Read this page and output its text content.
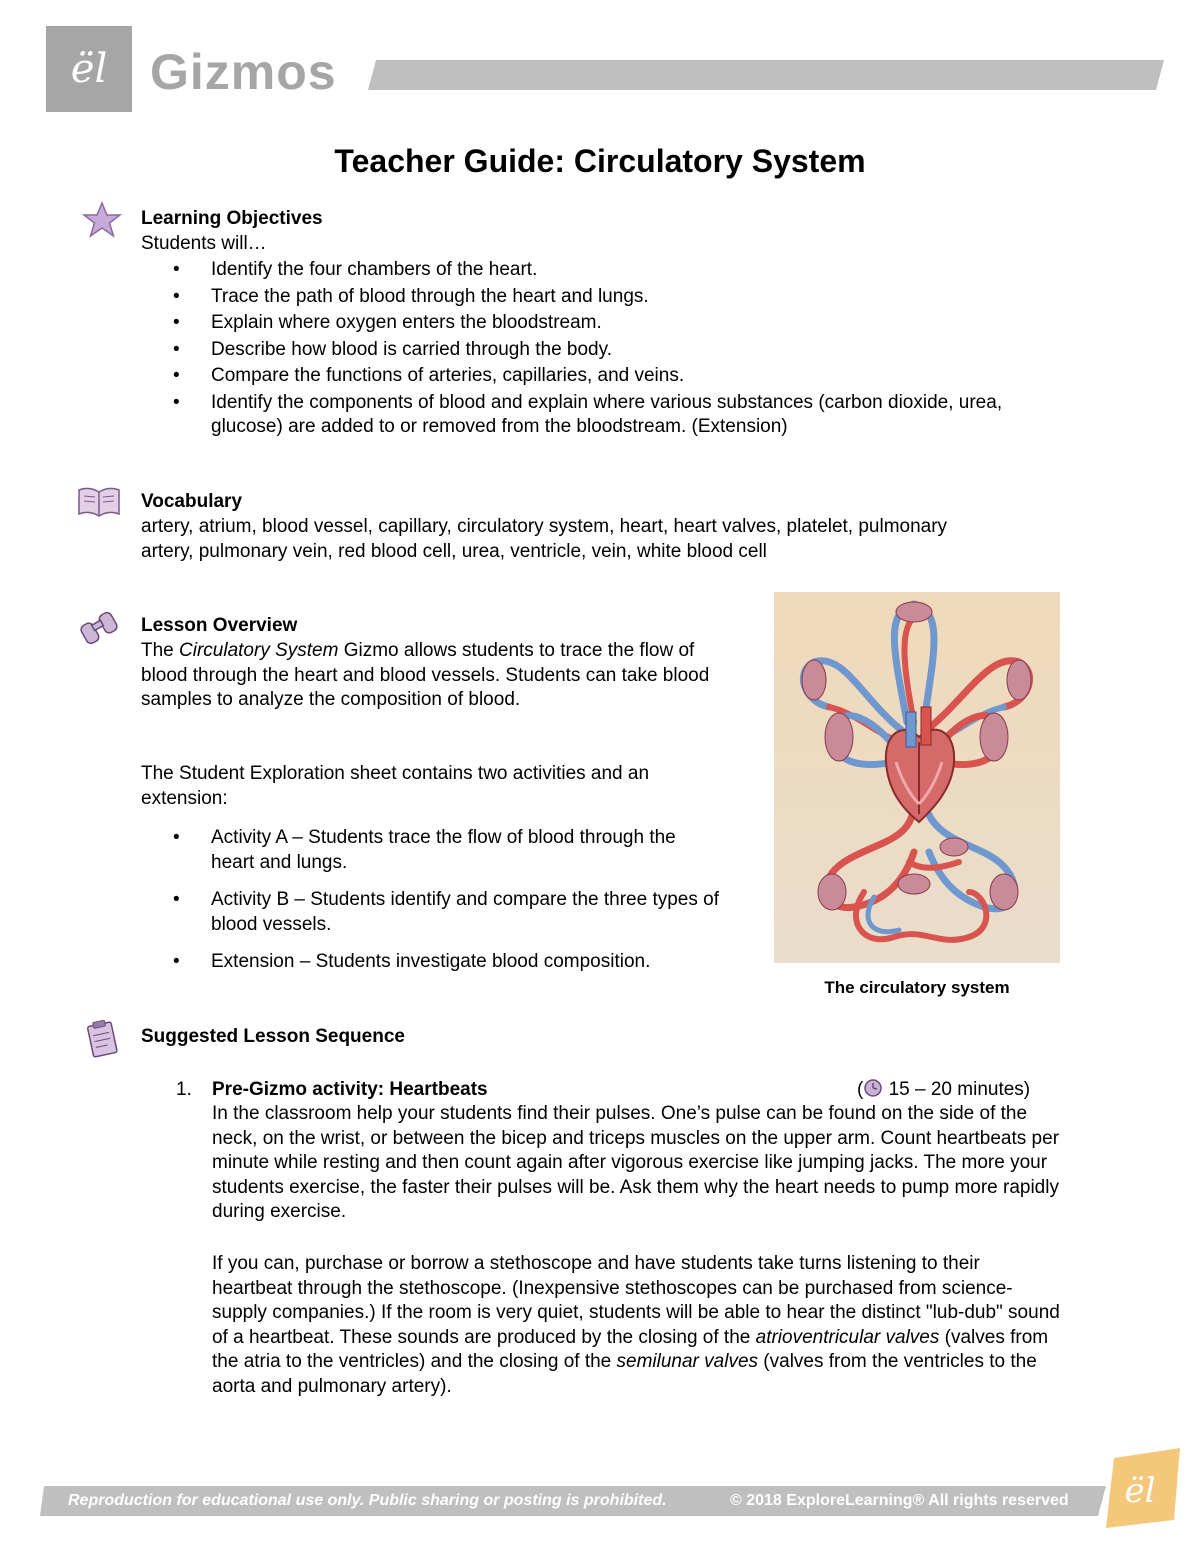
ël Gizmos
Teacher Guide: Circulatory System

Learning Objectives

Students will…

• Identify the four chambers of the heart.
• Trace the path of blood through the heart and lungs.
• Explain where oxygen enters the bloodstream.
• Describe how blood is carried through the body.
• Compare the functions of arteries, capillaries, and veins.
• Identify the components of blood and explain where various substances (carbon dioxide, urea, glucose) are added to or removed from the bloodstream. (Extension)

Vocabulary

artery, atrium, blood vessel, capillary, circulatory system, heart, heart valves, platelet, pulmonary artery, pulmonary vein, red blood cell, urea, ventricle, vein, white blood cell

Lesson Overview

The Circulatory System Gizmo allows students to trace the flow of blood through the heart and blood vessels. Students can take blood samples to analyze the composition of blood.

The Student Exploration sheet contains two activities and an extension:

• Activity A – Students trace the flow of blood through the heart and lungs.
• Activity B – Students identify and compare the three types of blood vessels.
• Extension – Students investigate blood composition.
The circulatory system

Suggested Lesson Sequence

1. Pre-Gizmo activity: Heartbeats	( 15 – 20 minutes)

In the classroom help your students find their pulses. One’s pulse can be found on the side of the neck, on the wrist, or between the bicep and triceps muscles on the upper arm. Count heartbeats per minute while resting and then count again after vigorous exercise like jumping jacks. The more your students exercise, the faster their pulses will be. Ask them why the heart needs to pump more rapidly during exercise.

If you can, purchase or borrow a stethoscope and have students take turns listening to their heartbeat through the stethoscope. (Inexpensive stethoscopes can be purchased from science-supply companies.) If the room is very quiet, students will be able to hear the distinct "lub-dub" sound of a heartbeat. These sounds are produced by the closing of the atrioventricular valves (valves from the atria to the ventricles) and the closing of the semilunar valves (valves from the ventricles to the aorta and pulmonary artery).

Reproduction for educational use only. Public sharing or posting is prohibited.	© 2018 ExploreLearning® All rights reserved ël
